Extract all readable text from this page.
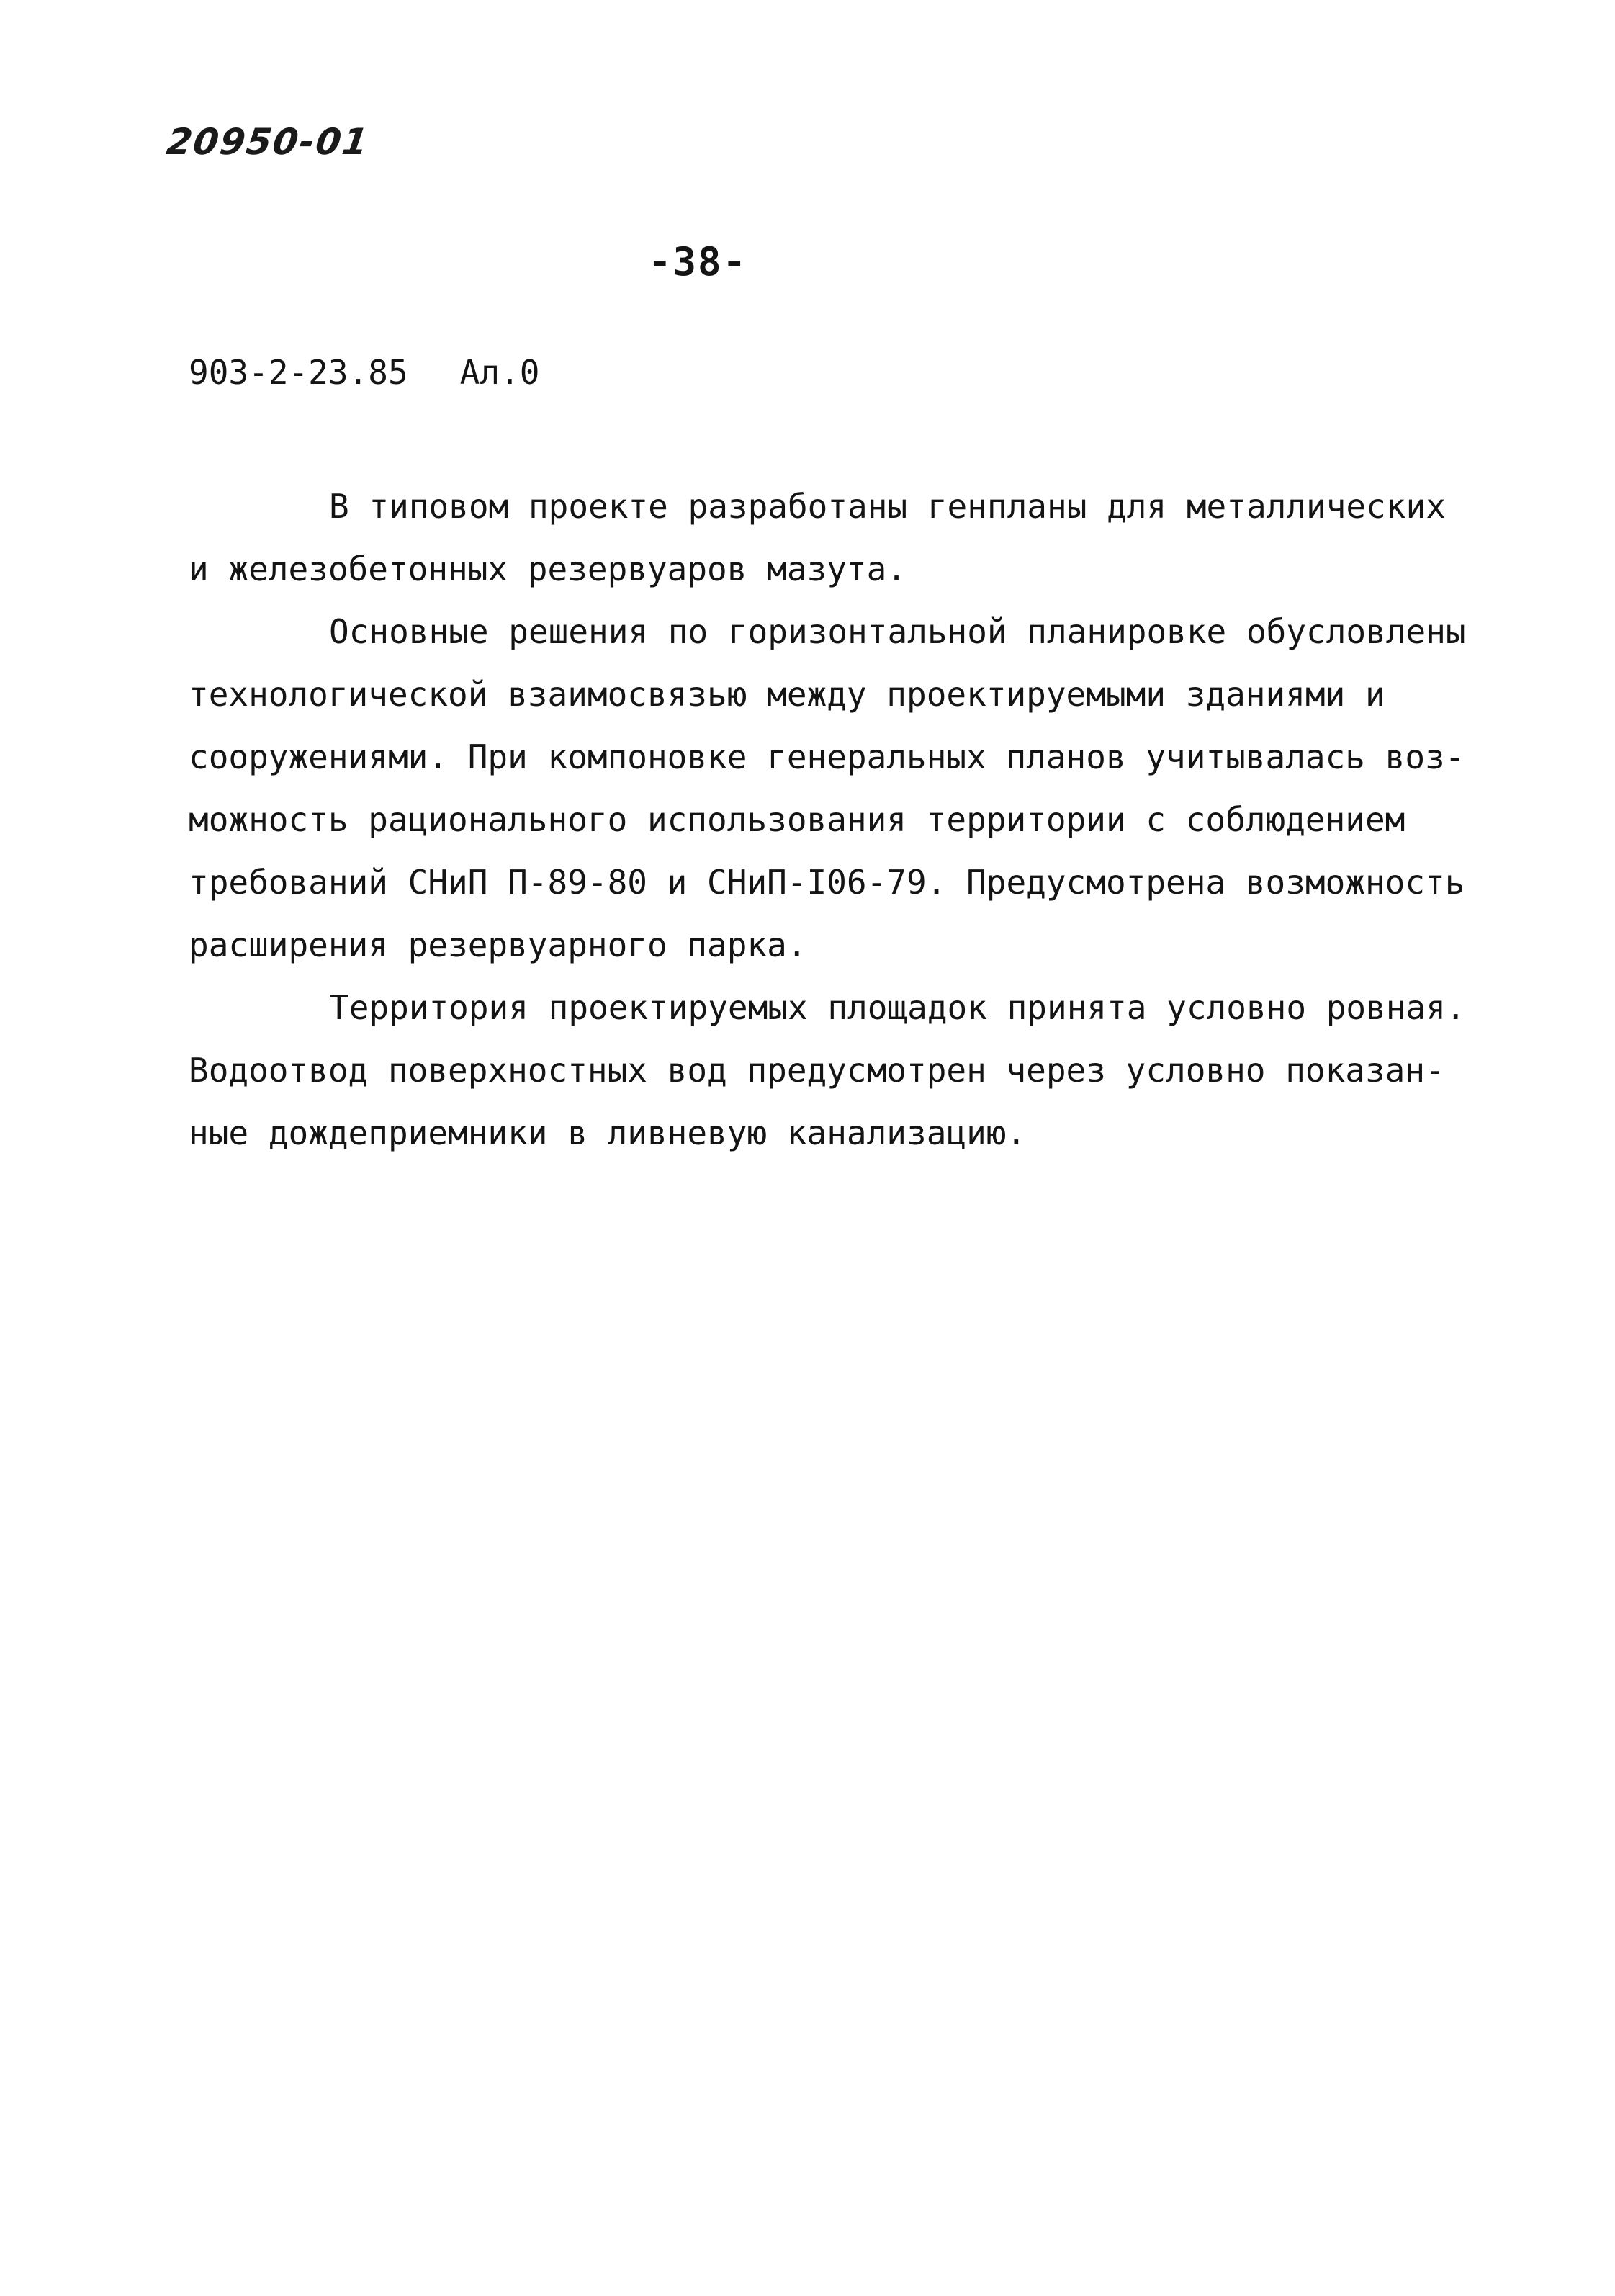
20950-01
-38-
903-2-23.85 Ал.0
В типовом проекте разработаны генпланы для металлических
и железобетонных резервуаров мазута.
Основные решения по горизонтальной планировке обусловлены
технологической взаимосвязью между проектируемыми зданиями и
сооружениями. При компоновке генеральных планов учитывалась воз-
можность рационального использования территории с соблюдением
требований СНиП П-89-80 и СНиП-I06-79. Предусмотрена возможность
расширения резервуарного парка.
Территория проектируемых площадок принята условно ровная.
Водоотвод поверхностных вод предусмотрен через условно показан-
ные дождеприемники в ливневую канализацию.
